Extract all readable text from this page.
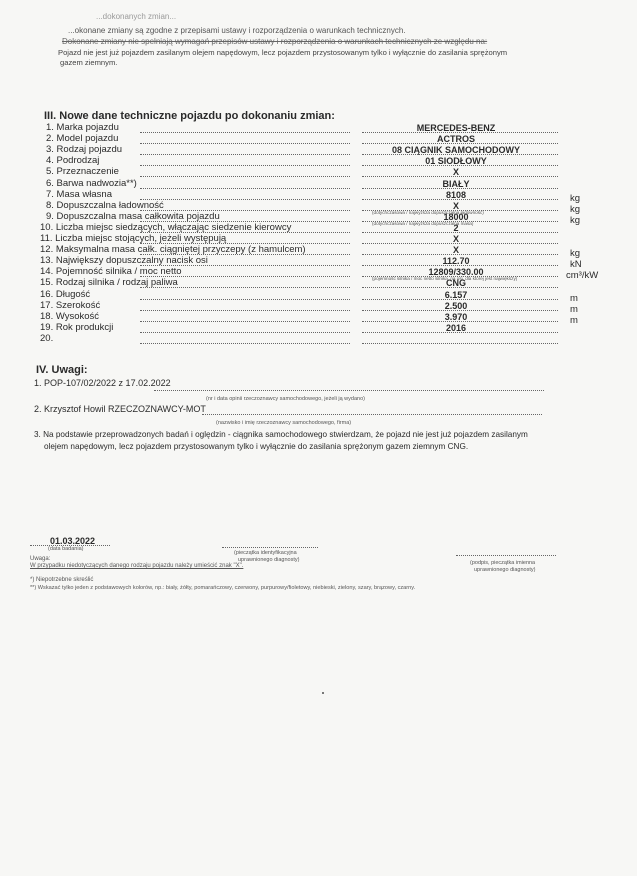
...dokonanych zmian...
...okonane zmiany są zgodne z przepisami ustawy i rozporządzenia o warunkach technicznych.
Dokonane zmiany nie spełniają wymagań przepisów ustawy i rozporządzenia o warunkach technicznych ze względu na:
Pojazd nie jest już pojazdem zasilanym olejem napędowym, lecz pojazdem przystosowanym tylko i wyłącznie do zasilania sprężonym
gazem ziemnym.
III. Nowe dane techniczne pojazdu po dokonaniu zmian:
1. Marka pojazdu	MERCEDES-BENZ
2. Model pojazdu	ACTROS
3. Rodzaj pojazdu	08 CIĄGNIK SAMOCHODOWY
4. Podrodzaj	01 SIODŁOWY
5. Przeznaczenie	X
6. Barwa nadwozia**)	BIAŁY
7. Masa własna	8108	kg
8. Dopuszczalna ładowność	X	kg
(dotychczasowa / najwyższa dopuszczalna ładowność)
9. Dopuszczalna masa całkowita pojazdu	18000	kg
(dotychczasowa / najwyższa dopuszczalna masa)
10. Liczba miejsc siedzących, włączając siedzenie kierowcy	2
11. Liczba miejsc stojących, jeżeli występują	X
12. Maksymalna masa całk. ciągniętej przyczepy (z hamulcem)	X	kg
13. Największy dopuszczalny nacisk osi	112.70	kN
14. Pojemność silnika / moc netto	12809/330.00	cm³/kW
(pojemność silnika / moc netto silnika, na osi, dla której jest największy)
15. Rodzaj silnika / rodzaj paliwa	CNG
16. Długość	6.157	m
17. Szerokość	2.500	m
18. Wysokość	3.970	m
19. Rok produkcji	2016
20.
IV. Uwagi:
1. POP-107/02/2022 z 17.02.2022
(nr i data opinii rzeczoznawcy samochodowego, jeżeli ją wydano)
2. Krzysztof Howil RZECZOZNAWCY-MOT
(nazwisko i imię rzeczoznawcy samochodowego, firma)
3. Na podstawie przeprowadzonych badań i oględzin - ciągnika samochodowego stwierdzam, że pojazd nie jest już pojazdem zasilanym
olejem napędowym, lecz pojazdem przystosowanym tylko i wyłącznie do zasilania sprężonym gazem ziemnym CNG.
01.03.2022
(data badania)
(pieczątka identyfikacyjna
uprawnionego diagnosty)	(podpis, pieczątka imienna
uprawnionego diagnosty)
Uwaga:
W przypadku niedotyczących danego rodzaju pojazdu należy umieścić znak "X".
*) Niepotrzebne skreślić
**) Wskazać tylko jeden z podstawowych kolorów, np.: biały, żółty, pomarańczowy, czerwony, purpurowy/fioletowy, niebieski, zielony, szary, brązowy, czarny.
